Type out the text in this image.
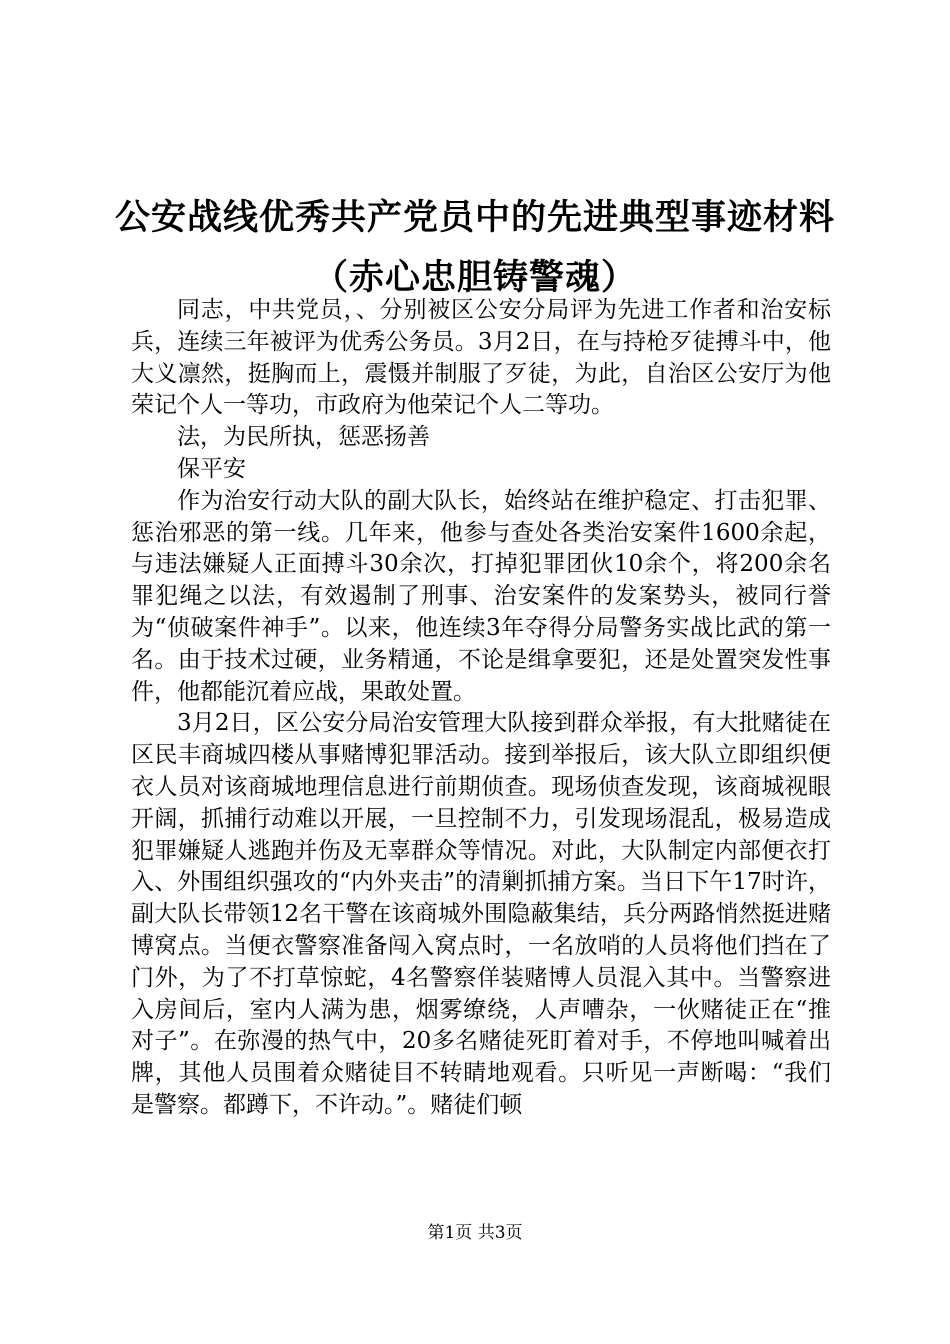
公安战线优秀共产党员中的先进典型事迹材料
（赤心忠胆铸警魂）

同志，中共党员，、分别被区公安分局评为先进工作者和治安标兵，连续三年被评为优秀公务员。3月2日，在与持枪歹徒搏斗中，他大义凛然，挺胸而上，震慑并制服了歹徒，为此，自治区公安厅为他荣记个人一等功，市政府为他荣记个人二等功。

法，为民所执，惩恶扬善

保平安

作为治安行动大队的副大队长，始终站在维护稳定、打击犯罪、惩治邪恶的第一线。几年来，他参与查处各类治安案件1600余起，与违法嫌疑人正面搏斗30余次，打掉犯罪团伙10余个，将200余名罪犯绳之以法，有效遏制了刑事、治安案件的发案势头，被同行誉为“侦破案件神手”。以来，他连续3年夺得分局警务实战比武的第一名。由于技术过硬，业务精通，不论是缉拿要犯，还是处置突发性事件，他都能沉着应战，果敢处置。

3月2日，区公安分局治安管理大队接到群众举报，有大批赌徒在区民丰商城四楼从事赌博犯罪活动。接到举报后，该大队立即组织便衣人员对该商城地理信息进行前期侦查。现场侦查发现，该商城视眼开阔，抓捕行动难以开展，一旦控制不力，引发现场混乱，极易造成犯罪嫌疑人逃跑并伤及无辜群众等情况。对此，大队制定内部便衣打入、外围组织强攻的“内外夹击”的清剿抓捕方案。当日下午17时许，副大队长带领12名干警在该商城外围隐蔽集结，兵分两路悄然挺进赌博窝点。当便衣警察准备闯入窝点时，一名放哨的人员将他们挡在了门外，为了不打草惊蛇，4名警察佯装赌博人员混入其中。当警察进入房间后，室内人满为患，烟雾缭绕，人声嘈杂，一伙赌徒正在“推对子”。在弥漫的热气中，20多名赌徒死盯着对手，不停地叫喊着出牌，其他人员围着众赌徒目不转睛地观看。只听见一声断喝：“我们是警察。都蹲下，不许动。”。赌徒们顿

第1页 共3页
